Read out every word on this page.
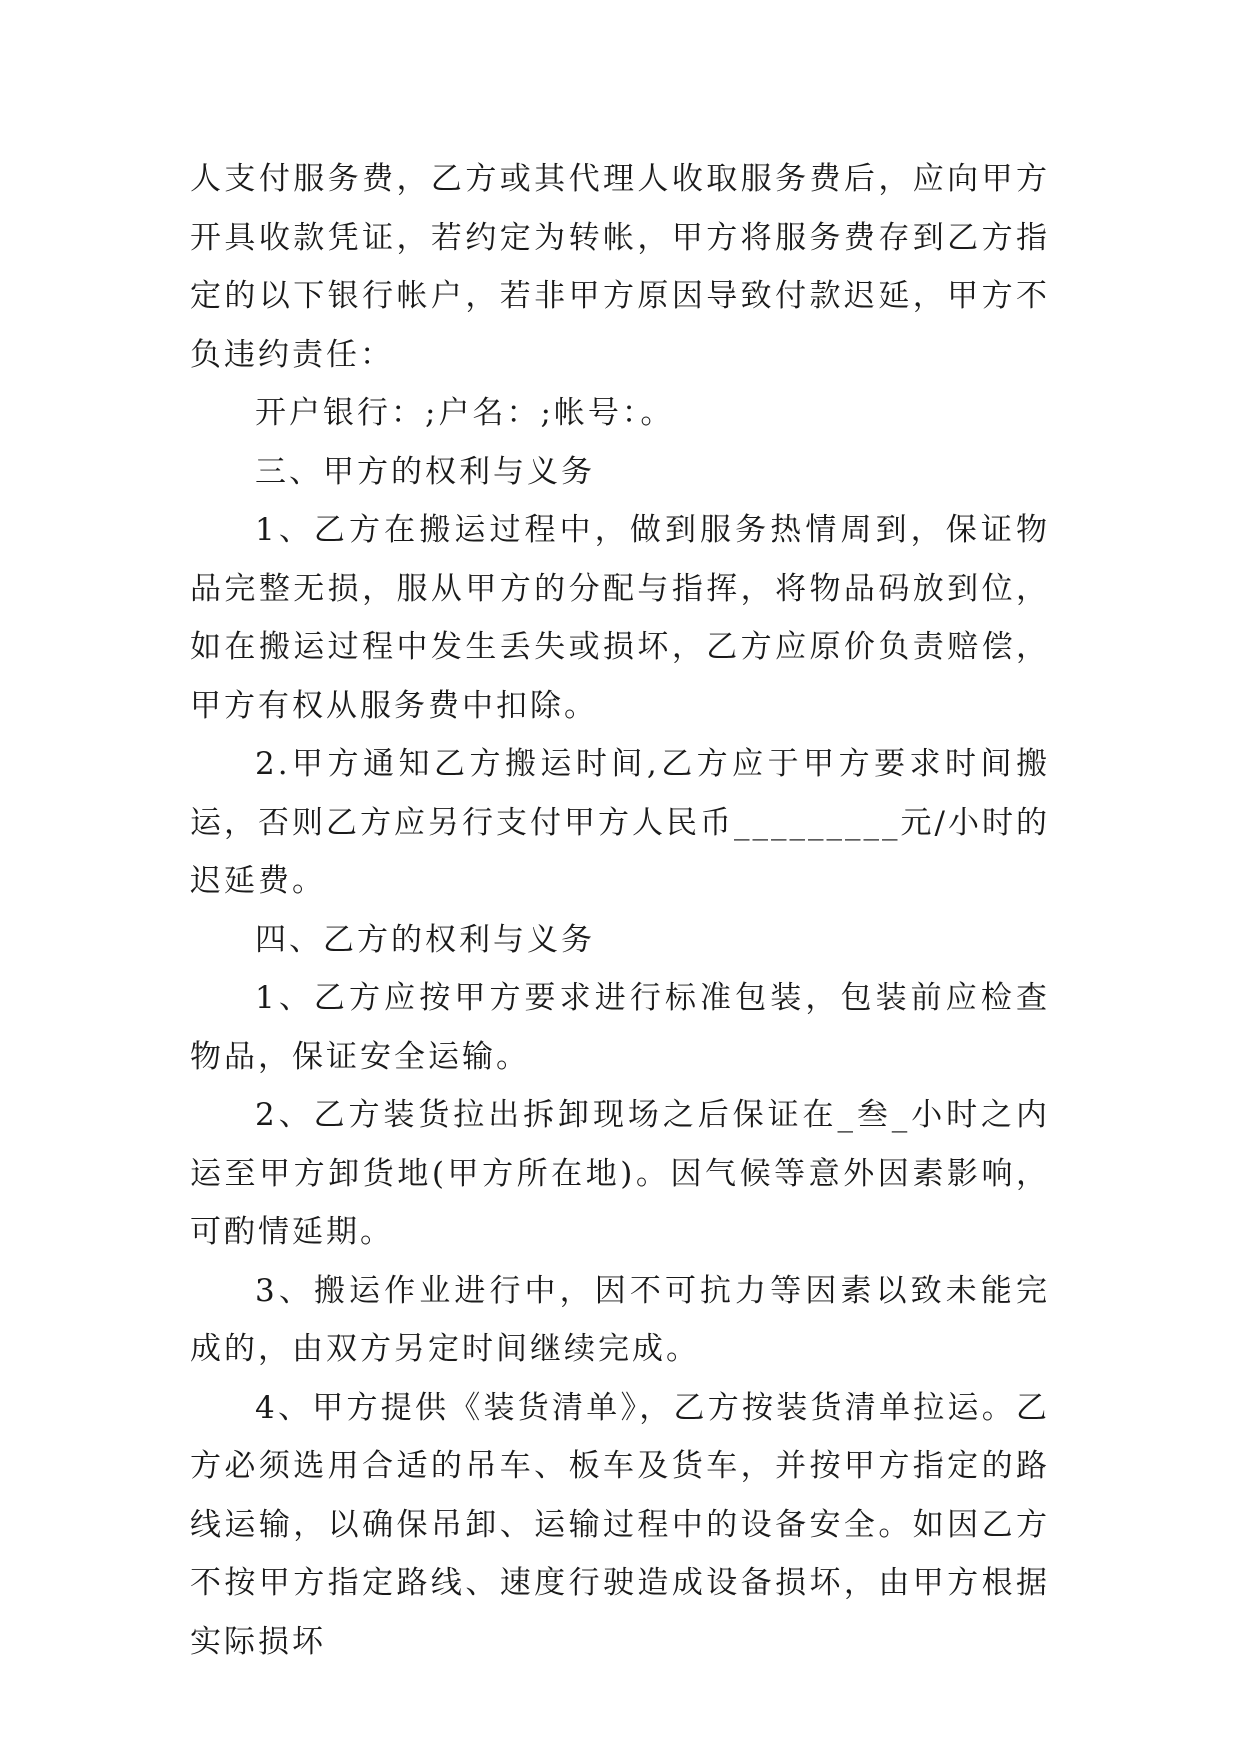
人支付服务费，乙方或其代理人收取服务费后，应向甲方开具收款凭证，若约定为转帐，甲方将服务费存到乙方指定的以下银行帐户，若非甲方原因导致付款迟延，甲方不负违约责任：

开户银行：;户名：;帐号：。

三、甲方的权利与义务

1、乙方在搬运过程中，做到服务热情周到，保证物品完整无损，服从甲方的分配与指挥，将物品码放到位，如在搬运过程中发生丢失或损坏，乙方应原价负责赔偿，甲方有权从服务费中扣除。

2.甲方通知乙方搬运时间,乙方应于甲方要求时间搬运，否则乙方应另行支付甲方人民币_________元/小时的迟延费。

四、乙方的权利与义务

1、乙方应按甲方要求进行标准包装，包装前应检查物品，保证安全运输。

2、乙方装货拉出拆卸现场之后保证在_叁_小时之内运至甲方卸货地(甲方所在地)。因气候等意外因素影响，可酌情延期。

3、搬运作业进行中，因不可抗力等因素以致未能完成的，由双方另定时间继续完成。

4、甲方提供《装货清单》，乙方按装货清单拉运。乙方必须选用合适的吊车、板车及货车，并按甲方指定的路线运输，以确保吊卸、运输过程中的设备安全。如因乙方不按甲方指定路线、速度行驶造成设备损坏，由甲方根据实际损坏
